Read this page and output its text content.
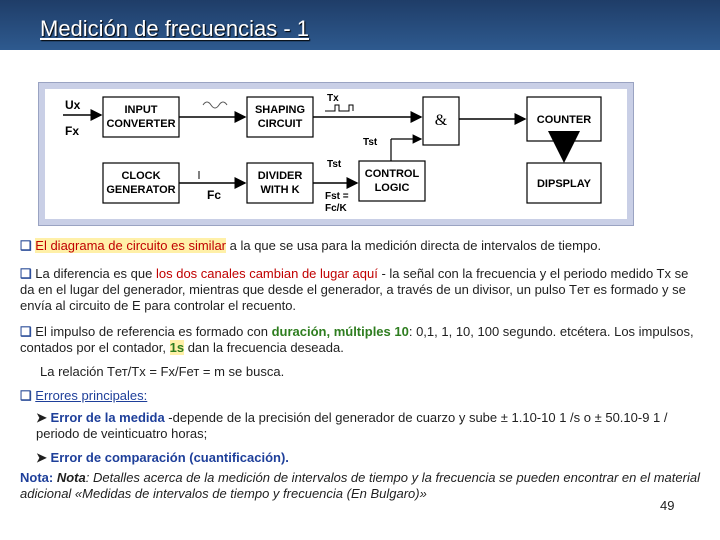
Medición de frecuencias - 1
Ux
Fx
INPUT
CONVERTER
SHAPING
CIRCUIT
Tx
&	COUNTER
Tst
CLOCK
GENERATOR	Fc
DIVIDER
WITH K
Tst
Fst =
Fc/K
CONTROL
LOGIC	DIPSPLAY
❑ El diagrama de circuito es similar a la que se usa para la medición directa de intervalos de tiempo.
❑ La diferencia es que los dos canales cambian de lugar aquí - la señal con la frecuencia y el periodo medido Tx se da en el lugar del generador, mientras que desde el generador, a través de un divisor, un pulso Tет es formado y se envía al circuito de E para controlar el recuento.
❑ El impulso de referencia es formado con duración, múltiples 10: 0,1, 1, 10, 100 segundo. etcétera. Los impulsos, contados por el contador, 1s dan la frecuencia deseada.
La relación Tет/Tx = Fx/Fет = m se busca.
❑ Errores principales:
➤ Error de la medida -depende de la precisión del generador de cuarzo y sube ± 1.10-10 1 /s o ± 50.10-9 1 / periodo de veinticuatro horas;
➤ Error de comparación (cuantificación).
Nota: Nota: Detalles acerca de la medición de intervalos de tiempo y la frecuencia se pueden encontrar en el material adicional «Medidas de intervalos de tiempo y frecuencia (En Bulgaro)»
49
